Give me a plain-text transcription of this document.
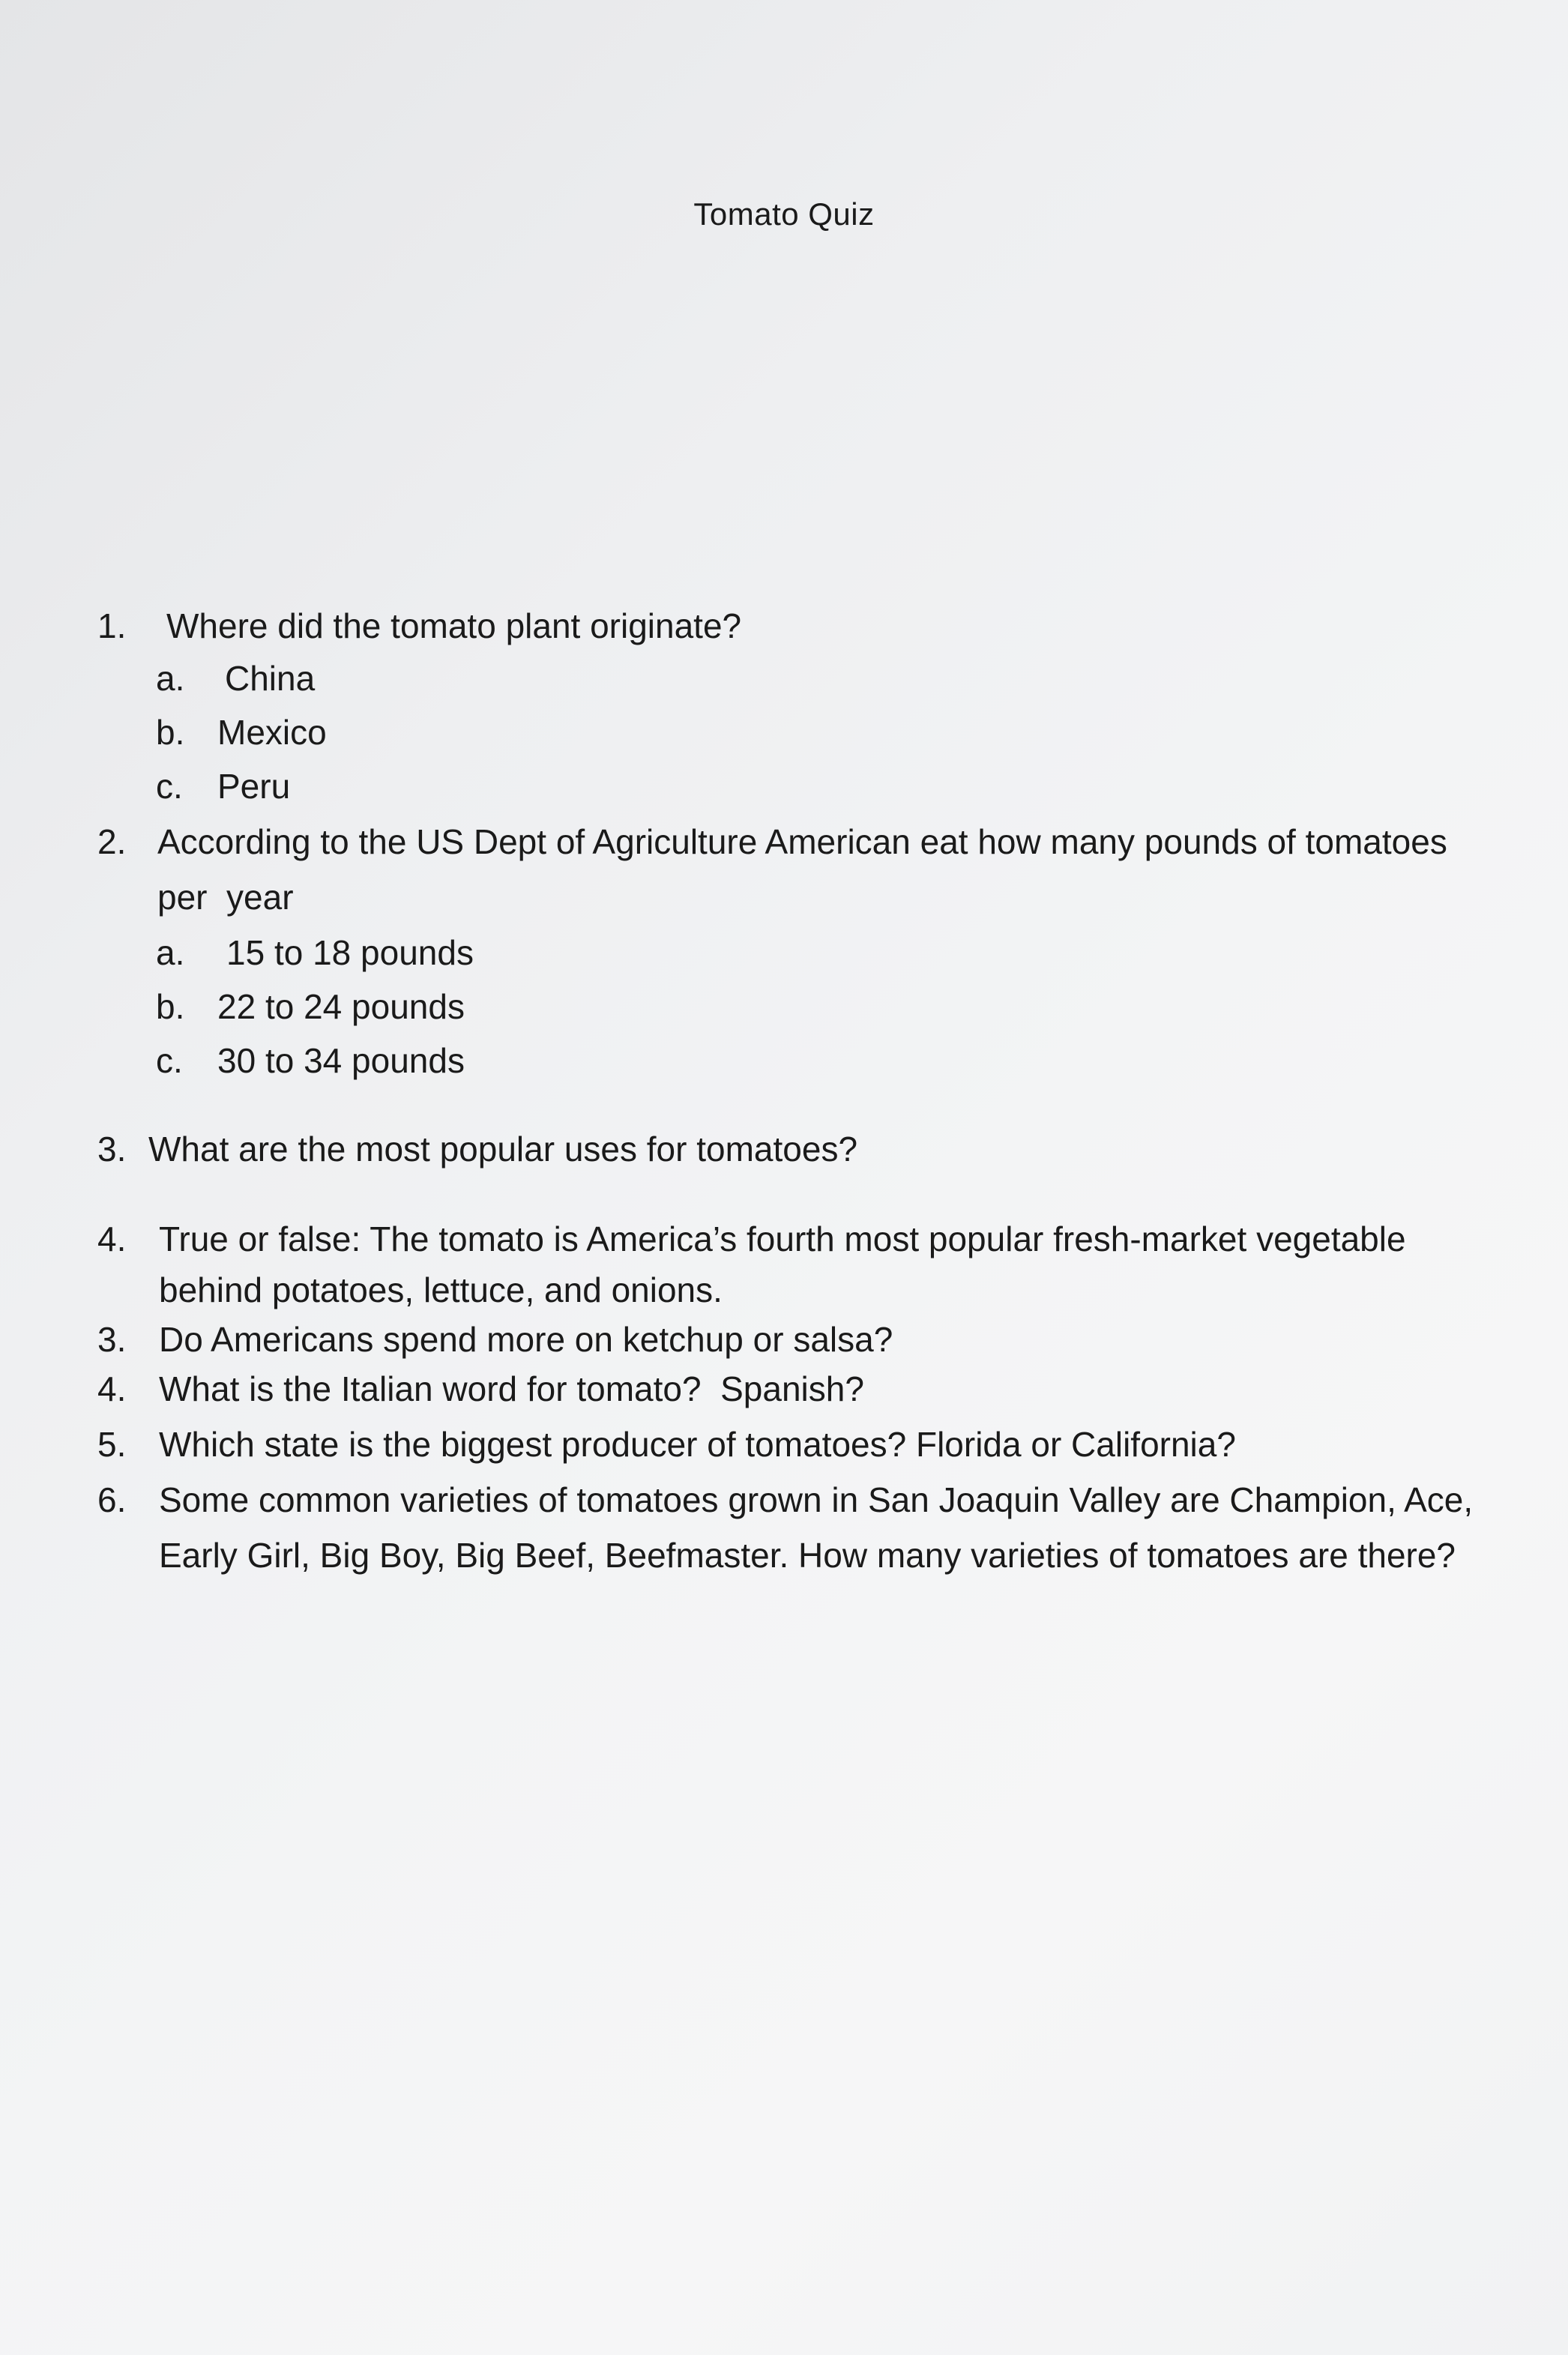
Tomato Quiz
1. Where did the tomato plant originate?
a. China
b. Mexico
c. Peru
2. According to the US Dept of Agriculture American eat how many pounds of tomatoes
per  year
a. 15 to 18 pounds
b. 22 to 24 pounds
c. 30 to 34 pounds
3. What are the most popular uses for tomatoes?
4. True or false: The tomato is America’s fourth most popular fresh-market vegetable
behind potatoes, lettuce, and onions.
3. Do Americans spend more on ketchup or salsa?
4. What is the Italian word for tomato?  Spanish?
5. Which state is the biggest producer of tomatoes? Florida or California?
6. Some common varieties of tomatoes grown in San Joaquin Valley are Champion, Ace,
Early Girl, Big Boy, Big Beef, Beefmaster. How many varieties of tomatoes are there?
